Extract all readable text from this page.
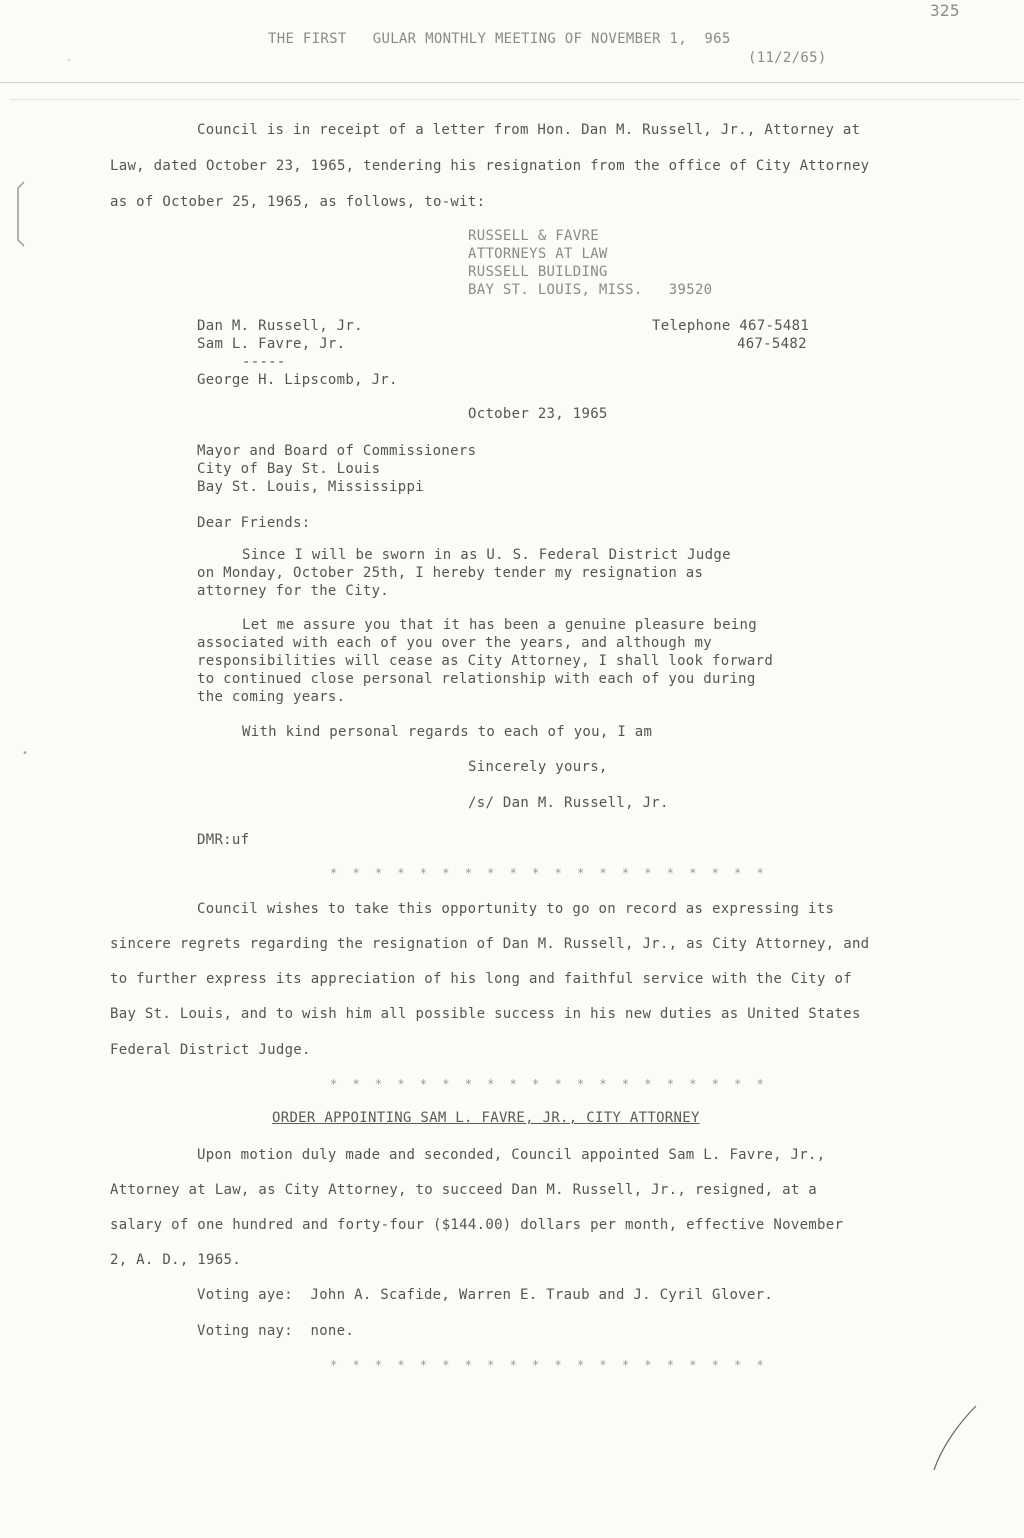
325
THE FIRST   GULAR MONTHLY MEETING OF NOVEMBER 1,  965
(11/2/65)
Council is in receipt of a letter from Hon. Dan M. Russell, Jr., Attorney at
Law, dated October 23, 1965, tendering his resignation from the office of City Attorney
as of October 25, 1965, as follows, to-wit:
RUSSELL & FAVRE
ATTORNEYS AT LAW
RUSSELL BUILDING
BAY ST. LOUIS, MISS.   39520
Dan M. Russell, Jr.
Sam L. Favre, Jr.
-----
George H. Lipscomb, Jr.
Telephone 467-5481
467-5482
October 23, 1965
Mayor and Board of Commissioners
City of Bay St. Louis
Bay St. Louis, Mississippi
Dear Friends:
Since I will be sworn in as U. S. Federal District Judge
on Monday, October 25th, I hereby tender my resignation as
attorney for the City.
Let me assure you that it has been a genuine pleasure being
associated with each of you over the years, and although my
responsibilities will cease as City Attorney, I shall look forward
to continued close personal relationship with each of you during
the coming years.
With kind personal regards to each of you, I am
Sincerely yours,
/s/ Dan M. Russell, Jr.
DMR:uf
* * * * * * * * * * * * * * * * * * * *
Council wishes to take this opportunity to go on record as expressing its
sincere regrets regarding the resignation of Dan M. Russell, Jr., as City Attorney, and
to further express its appreciation of his long and faithful service with the City of
Bay St. Louis, and to wish him all possible success in his new duties as United States
Federal District Judge.
* * * * * * * * * * * * * * * * * * * *
ORDER APPOINTING SAM L. FAVRE, JR., CITY ATTORNEY
Upon motion duly made and seconded, Council appointed Sam L. Favre, Jr.,
Attorney at Law, as City Attorney, to succeed Dan M. Russell, Jr., resigned, at a
salary of one hundred and forty-four ($144.00) dollars per month, effective November
2, A. D., 1965.
Voting aye:  John A. Scafide, Warren E. Traub and J. Cyril Glover.
Voting nay:  none.
* * * * * * * * * * * * * * * * * * * *
•
-
